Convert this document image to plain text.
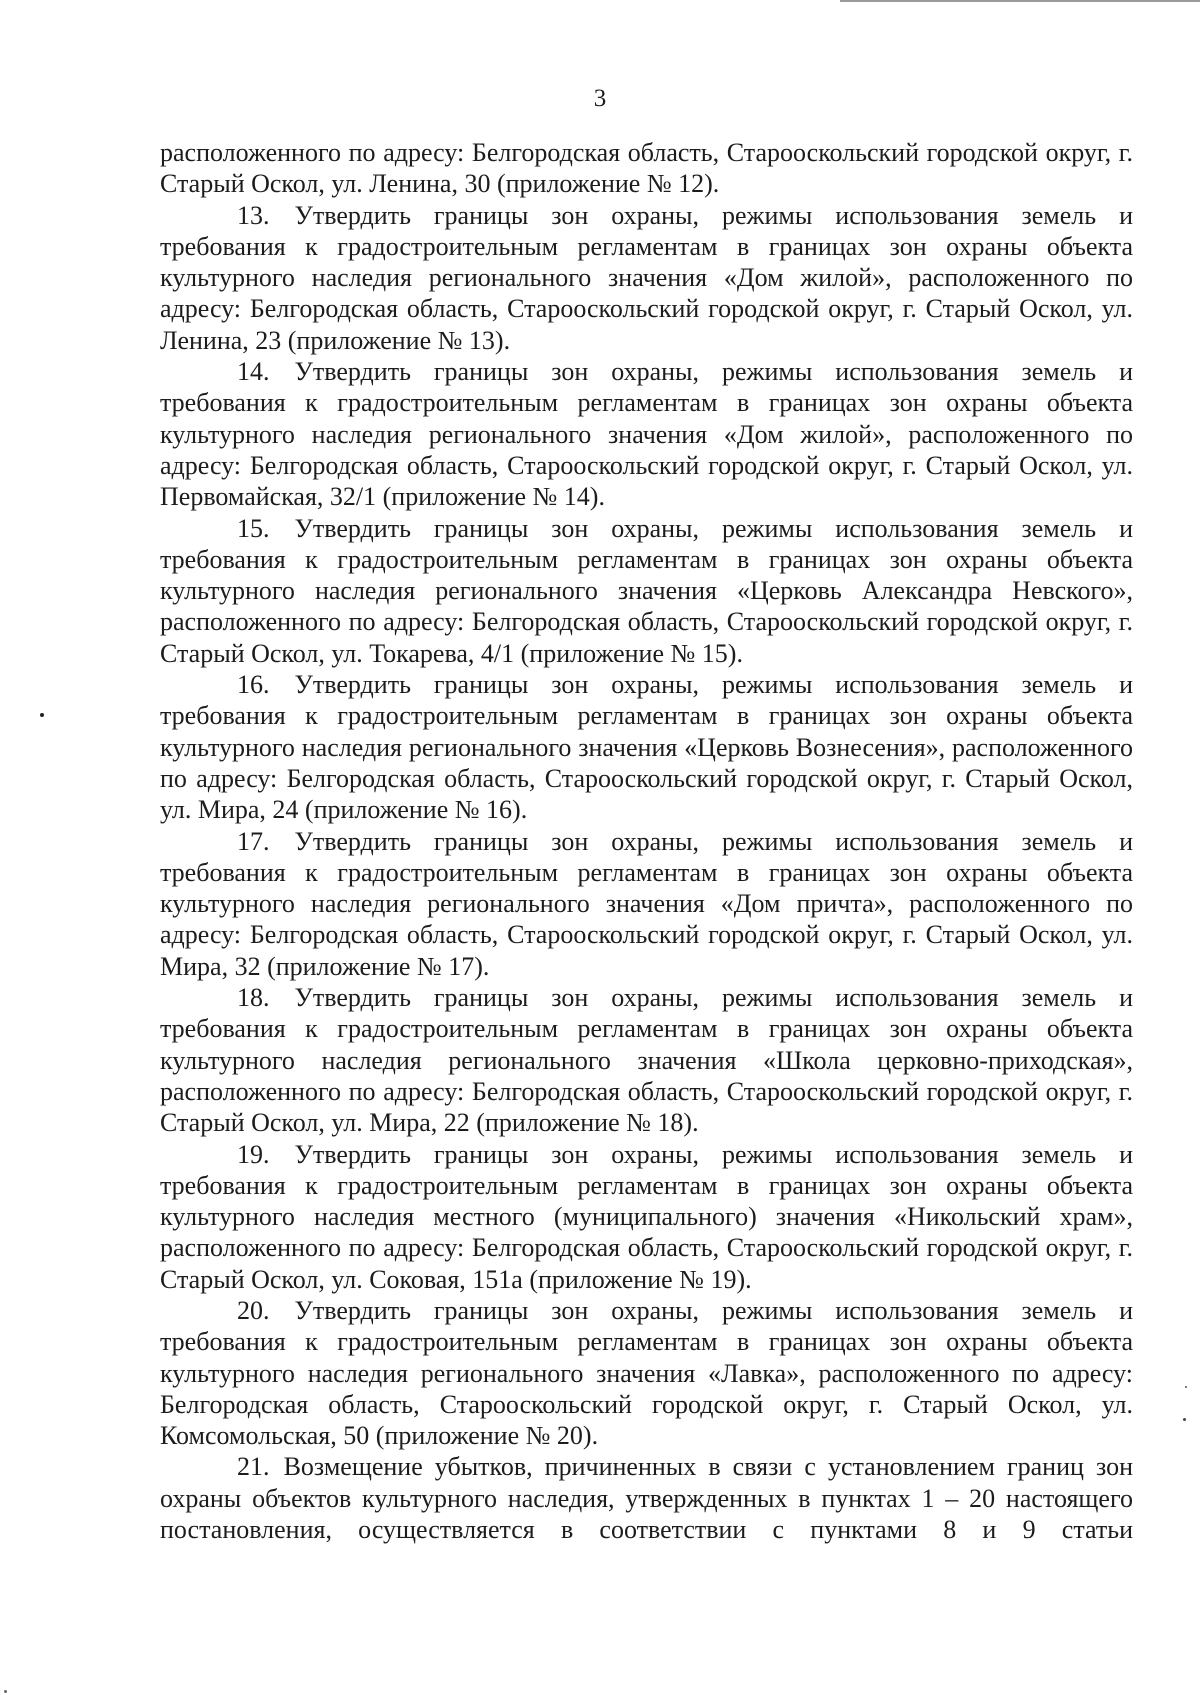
3

расположенного по адресу: Белгородская область, Старооскольский городской округ, г. Старый Оскол, ул. Ленина, 30 (приложение № 12).

13. Утвердить границы зон охраны, режимы использования земель и требования к градостроительным регламентам в границах зон охраны объекта культурного наследия регионального значения «Дом жилой», расположенного по адресу: Белгородская область, Старооскольский городской округ, г. Старый Оскол, ул. Ленина, 23 (приложение № 13).

14. Утвердить границы зон охраны, режимы использования земель и требования к градостроительным регламентам в границах зон охраны объекта культурного наследия регионального значения «Дом жилой», расположенного по адресу: Белгородская область, Старооскольский городской округ, г. Старый Оскол, ул. Первомайская, 32/1 (приложение № 14).

15. Утвердить границы зон охраны, режимы использования земель и требования к градостроительным регламентам в границах зон охраны объекта культурного наследия регионального значения «Церковь Александра Невского», расположенного по адресу: Белгородская область, Старооскольский городской округ, г. Старый Оскол, ул. Токарева, 4/1 (приложение № 15).

16. Утвердить границы зон охраны, режимы использования земель и требования к градостроительным регламентам в границах зон охраны объекта культурного наследия регионального значения «Церковь Вознесения», расположенного по адресу: Белгородская область, Старооскольский городской округ, г. Старый Оскол, ул. Мира, 24 (приложение № 16).

17. Утвердить границы зон охраны, режимы использования земель и требования к градостроительным регламентам в границах зон охраны объекта культурного наследия регионального значения «Дом причта», расположенного по адресу: Белгородская область, Старооскольский городской округ, г. Старый Оскол, ул. Мира, 32 (приложение № 17).

18. Утвердить границы зон охраны, режимы использования земель и требования к градостроительным регламентам в границах зон охраны объекта культурного наследия регионального значения «Школа церковно-приходская», расположенного по адресу: Белгородская область, Старооскольский городской округ, г. Старый Оскол, ул. Мира, 22 (приложение № 18).

19. Утвердить границы зон охраны, режимы использования земель и требования к градостроительным регламентам в границах зон охраны объекта культурного наследия местного (муниципального) значения «Никольский храм», расположенного по адресу: Белгородская область, Старооскольский городской округ, г. Старый Оскол, ул. Соковая, 151а (приложение № 19).

20. Утвердить границы зон охраны, режимы использования земель и требования к градостроительным регламентам в границах зон охраны объекта культурного наследия регионального значения «Лавка», расположенного по адресу: Белгородская область, Старооскольский городской округ, г. Старый Оскол, ул. Комсомольская, 50 (приложение № 20).

21. Возмещение убытков, причиненных в связи с установлением границ зон охраны объектов культурного наследия, утвержденных в пунктах 1 – 20 настоящего постановления, осуществляется в соответствии с пунктами 8 и 9 статьи
